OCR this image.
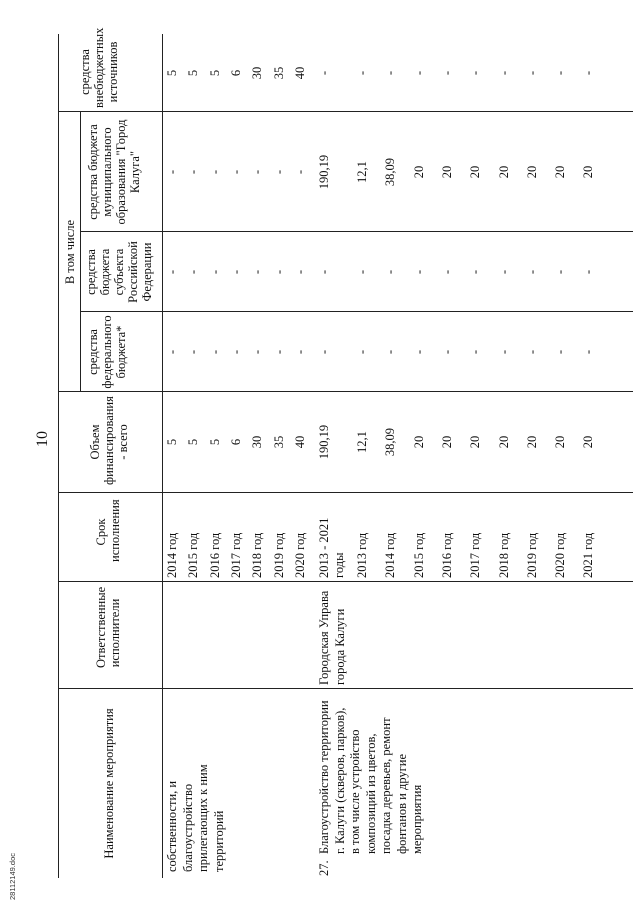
10
Наименование мероприятия
Ответственные исполнители
Срок исполнения
Объем финансирования - всего
В том числе
средства федерального бюджета*
средства бюджета субъекта Российской Федерации
средства бюджета муниципального образования "Город Калуга"
средства внебюджетных источников
собственности, и благоустройство прилегающих к ним территорий	27.
Благоустройство территории г. Калуги (скверов, парков), в том числе устройство композиций из цветов, посадка деревьев, ремонт фонтанов и другие мероприятия
Городская Управа города Калуги
2014 год
5
-
-
-
5
2015 год
5
-
-
-
5
2016 год
5
-
-
-
5
2017 год
6
-
-
-
6
2018 год
30
-
-
-
30
2019 год
35
-
-
-
35
2020 год
40
-
-
-
40
2013 - 2021
190,19
-
-
190,19
-
годы 2013 год
12,1
-
-
12,1
-
2014 год
38,09
-
-
38,09
-
2015 год
20
-
-
20
-
2016 год
20
-
-
20
-
2017 год
20
-
-
20
-
2018 год
20
-
-
20
-
2019 год
20
-
-
20
-
2020 год
20
-
-
20
-
2021 год
20
-
-
20
-
28112149.doc
